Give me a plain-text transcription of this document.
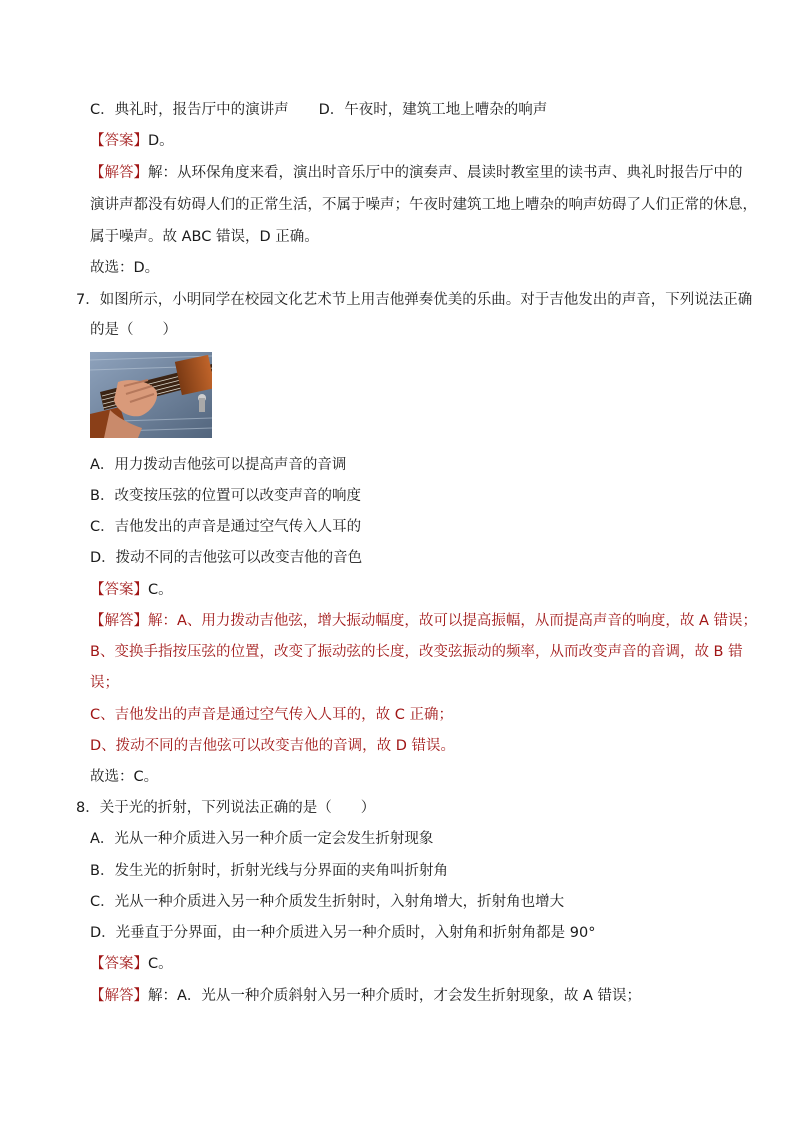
C．典礼时，报告厅中的演讲声 D．午夜时，建筑工地上嘈杂的响声
【答案】D。
【解答】解：从环保角度来看，演出时音乐厅中的演奏声、晨读时教室里的读书声、典礼时报告厅中的
演讲声都没有妨碍人们的正常生活，不属于噪声；午夜时建筑工地上嘈杂的响声妨碍了人们正常的休息，
属于噪声。故 ABC 错误，D 正确。
故选：D。
7．如图所示，小明同学在校园文化艺术节上用吉他弹奏优美的乐曲。对于吉他发出的声音，下列说法正确
的是（　　）
A．用力拨动吉他弦可以提高声音的音调
B．改变按压弦的位置可以改变声音的响度
C．吉他发出的声音是通过空气传入人耳的
D．拨动不同的吉他弦可以改变吉他的音色
【答案】C。
【解答】解：A、用力拨动吉他弦，增大振动幅度，故可以提高振幅，从而提高声音的响度，故 A 错误；
B、变换手指按压弦的位置，改变了振动弦的长度，改变弦振动的频率，从而改变声音的音调，故 B 错
误；
C、吉他发出的声音是通过空气传入人耳的，故 C 正确；
D、拨动不同的吉他弦可以改变吉他的音调，故 D 错误。
故选：C。
8．关于光的折射，下列说法正确的是（　　）
A．光从一种介质进入另一种介质一定会发生折射现象
B．发生光的折射时，折射光线与分界面的夹角叫折射角
C．光从一种介质进入另一种介质发生折射时，入射角增大，折射角也增大
D．光垂直于分界面，由一种介质进入另一种介质时，入射角和折射角都是 90°
【答案】C。
【解答】解：A．光从一种介质斜射入另一种介质时，才会发生折射现象，故 A 错误；
